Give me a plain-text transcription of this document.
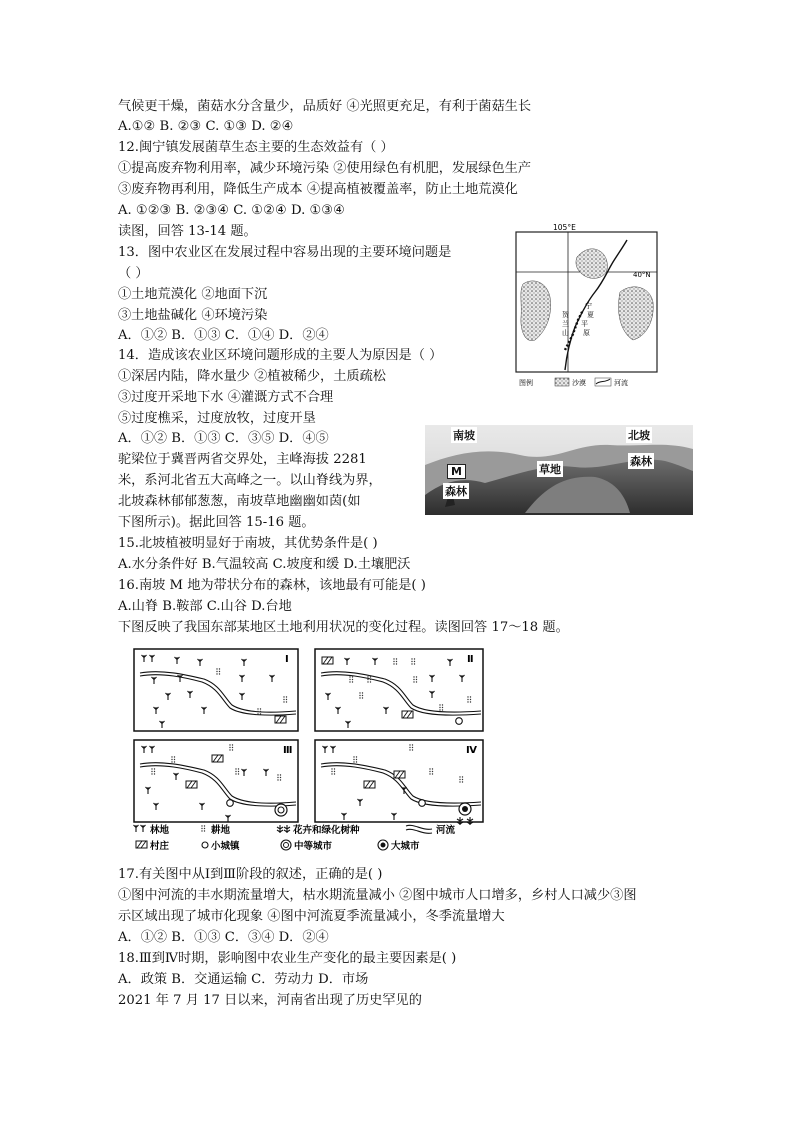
气候更干燥，菌菇水分含量少，品质好 ④光照更充足，有利于菌菇生长
A.①② B. ②③ C. ①③ D. ②④
12.闽宁镇发展菌草生态主要的生态效益有（ ）
①提高废弃物利用率，减少环境污染 ②使用绿色有机肥，发展绿色生产
③废弃物再利用，降低生产成本 ④提高植被覆盖率，防止土地荒漠化
A. ①②③ B. ②③④ C. ①②④ D. ①③④
读图，回答 13-14 题。
13．图中农业区在发展过程中容易出现的主要环境问题是
（ ）
①土地荒漠化 ②地面下沉
③土地盐碱化 ④环境污染
A．①② B．①③ C．①④ D．②④
14．造成该农业区环境问题形成的主要人为原因是（ ）
①深居内陆，降水量少 ②植被稀少，土质疏松
③过度开采地下水 ④灌溉方式不合理
⑤过度樵采，过度放牧，过度开垦
A．①② B．①③ C．③⑤ D．④⑤
驼梁位于冀晋两省交界处，主峰海拔 2281
米，系河北省五大高峰之一。以山脊线为界，
北坡森林郁郁葱葱，南坡草地幽幽如茵(如
下图所示)。据此回答 15-16 题。
15.北坡植被明显好于南坡，其优势条件是( )
A.水分条件好 B.气温较高 C.坡度和缓 D.土壤肥沃
16.南坡 M 地为带状分布的森林，该地最有可能是( )
A.山脊 B.鞍部 C.山谷 D.台地
下图反映了我国东部某地区土地利用状况的变化过程。读图回答 17～18 题。
17.有关图中从Ⅰ到Ⅲ阶段的叙述，正确的是( )
①图中河流的丰水期流量增大，枯水期流量减小 ②图中城市人口增多，乡村人口减少③图
示区域出现了城市化现象 ④图中河流夏季流量减小，冬季流量增大
A．①② B．①③ C．③④ D．②④
18.Ⅲ到Ⅳ时期，影响图中农业生产变化的最主要因素是( )
A．政策 B．交通运输 C．劳动力 D．市场
2021 年 7 月 17 日以来，河南省出现了历史罕见的
105°E
40°N
宁
夏
平
原
贺
兰
山
图例	沙漠	河流
南坡	北坡
草地
森林
M
森林
Ⅰ	Ⅱ
Ⅲ	Ⅳ
林地	耕地	花卉和绿化树种	河流
村庄	小城镇	中等城市	大城市
